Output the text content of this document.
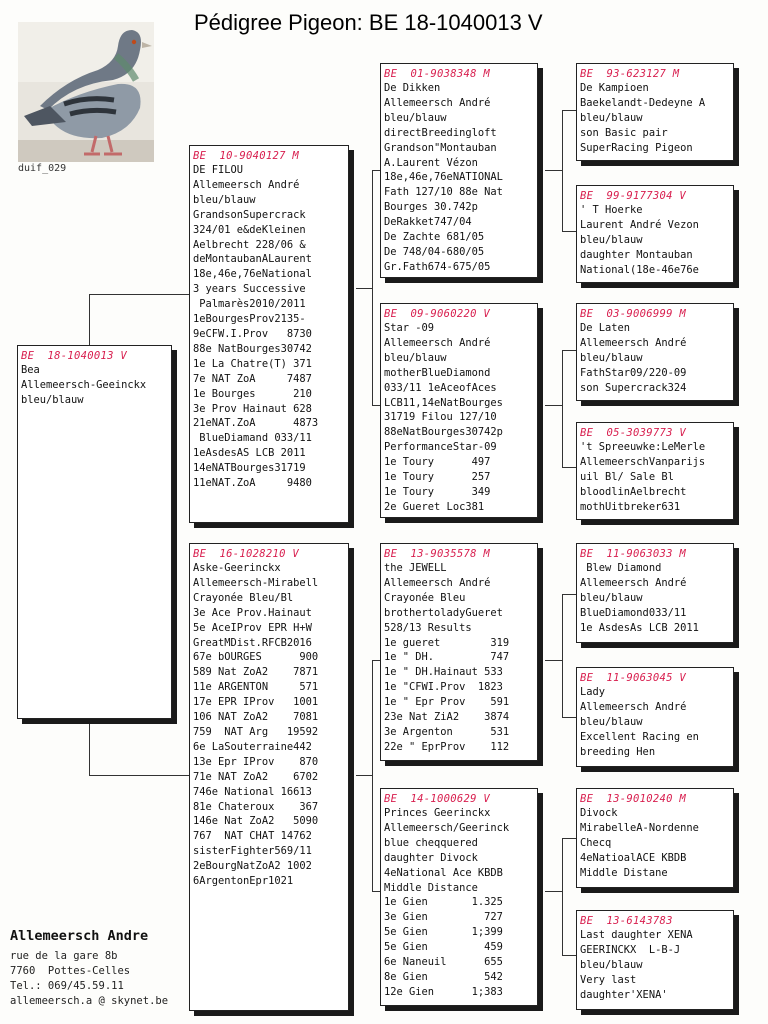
Pédigree Pigeon: BE 18-1040013 V
duif_029
BE  18-1040013 V
Bea
Allemeersch-Geeinckx
bleu/blauw
BE  10-9040127 M
DE FILOU
Allemeersch André
bleu/blauw
GrandsonSupercrack
324/01 e&deKleinen
Aelbrecht 228/06 &
deMontaubanALaurent
18e,46e,76eNational
3 years Successive
Palmarès2010/2011
1eBourgesProv2135-
9eCFW.I.Prov   8730
88e NatBourges30742
1e La Chatre(T) 371
7e NAT ZoA     7487
1e Bourges      210
3e Prov Hainaut 628
21eNAT.ZoA      4873
BlueDiamand 033/11
1eAsdesAS LCB 2011
14eNATBourges31719
11eNAT.ZoA     9480
BE  16-1028210 V
Aske-Geerinckx
Allemeersch-Mirabell
Crayonée Bleu/Bl
3e Ace Prov.Hainaut
5e AceIProv EPR H+W
GreatMDist.RFCB2016
67e bOURGES      900
589 Nat ZoA2    7871
11e ARGENTON     571
17e EPR IProv   1001
106 NAT ZoA2    7081
759  NAT Arg   19592
6e LaSouterraine442
13e Epr IProv    870
71e NAT ZoA2    6702
746e National 16613
81e Chateroux    367
146e Nat ZoA2   5090
767  NAT CHAT 14762
sisterFighter569/11
2eBourgNatZoA2 1002
6ArgentonEpr1021
BE  01-9038348 M
De Dikken
Allemeersch André
bleu/blauw
directBreedingloft
Grandson"Montauban
A.Laurent Vézon
18e,46e,76eNATIONAL
Fath 127/10 88e Nat
Bourges 30.742p
DeRakket747/04
De Zachte 681/05
De 748/04-680/05
Gr.Fath674-675/05
BE  09-9060220 V
Star -09
Allemeersch André
bleu/blauw
motherBlueDiamond
033/11 1eAceofAces
LCB11,14eNatBourges
31719 Filou 127/10
88eNatBourges30742p
PerformanceStar-09
1e Toury      497
1e Toury      257
1e Toury      349
2e Gueret Loc381
BE  13-9035578 M
the JEWELL
Allemeersch André
Crayonée Bleu
brothertoladyGueret
528/13 Results
1e gueret        319
1e " DH.         747
1e " DH.Hainaut 533
1e "CFWI.Prov  1823
1e " Epr Prov    591
23e Nat ZiA2    3874
3e Argenton      531
22e " EprProv    112
BE  14-1000629 V
Princes Geerinckx
Allemeersch/Geerinck
blue cheqquered
daughter Divock
4eNational Ace KBDB
Middle Distance
1e Gien       1.325
3e Gien         727
5e Gien       1;399
5e Gien         459
6e Naneuil      655
8e Gien         542
12e Gien      1;383
BE  93-623127 M
De Kampioen
Baekelandt-Dedeyne A
bleu/blauw
son Basic pair
SuperRacing Pigeon
BE  99-9177304 V
' T Hoerke
Laurent André Vezon
bleu/blauw
daughter Montauban
National(18e-46e76e
BE  03-9006999 M
De Laten
Allemeersch André
bleu/blauw
FathStar09/220-09
son Supercrack324
BE  05-3039773 V
't Spreeuwke:LeMerle
AllemeerschVanparijs
uil Bl/ Sale Bl
bloodlinAelbrecht
mothUitbreker631
BE  11-9063033 M
Blew Diamond
Allemeersch André
bleu/blauw
BlueDiamond033/11
1e AsdesAs LCB 2011
BE  11-9063045 V
Lady
Allemeersch André
bleu/blauw
Excellent Racing en
breeding Hen
BE  13-9010240 M
Divock
MirabelleA-Nordenne
Checq
4eNatioalACE KBDB
Middle Distane
BE  13-6143783
Last daughter XENA
GEERINCKX  L-B-J
bleu/blauw
Very last
daughter'XENA'
Allemeersch Andre
rue de la gare 8b
7760  Pottes-Celles
Tel.: 069/45.59.11
allemeersch.a @ skynet.be
